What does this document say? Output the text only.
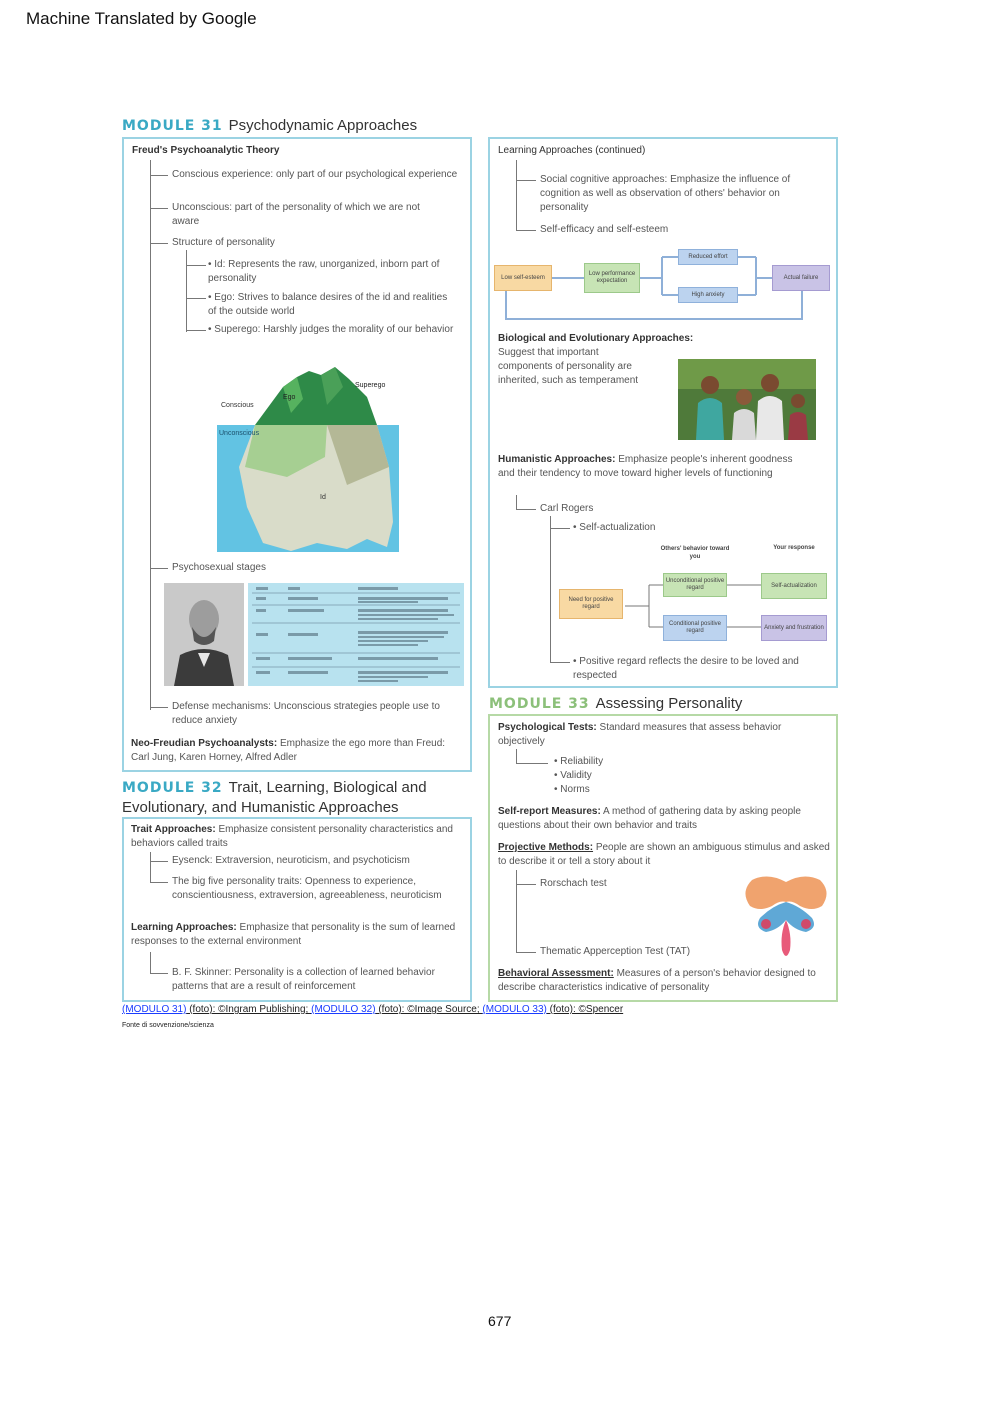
Machine Translated by Google
MODULE 31 Psychodynamic Approaches
Freud's Psychoanalytic Theory
Conscious experience: only part of our psychological experience
Unconscious: part of the personality of which we are not aware
Structure of personality
• Id: Represents the raw, unorganized, inborn part of personality
• Ego: Strives to balance desires of the id and realities of the outside world
• Superego: Harshly judges the morality of our behavior
Superego
Ego
Conscious
Unconscious
Id
Psychosexual stages
Defense mechanisms: Unconscious strategies people use to reduce anxiety
Neo-Freudian Psychoanalysts: Emphasize the ego more than Freud: Carl Jung, Karen Horney, Alfred Adler
MODULE 32 Trait, Learning, Biological and
Evolutionary, and Humanistic Approaches
Trait Approaches: Emphasize consistent personality characteristics and behaviors called traits
Eysenck: Extraversion, neuroticism, and psychoticism
The big five personality traits: Openness to experience, conscientiousness, extraversion, agreeableness, neuroticism
Learning Approaches: Emphasize that personality is the sum of learned responses to the external environment
B. F. Skinner: Personality is a collection of learned behavior patterns that are a result of reinforcement
Learning Approaches (continued)
Social cognitive approaches: Emphasize the influence of cognition as well as observation of others' behavior on personality
Self-efficacy and self-esteem
Low self-esteem
Low performance expectation
Reduced effort
High anxiety
Actual failure
Biological and Evolutionary Approaches:
Suggest that important components of personality are inherited, such as temperament
Humanistic Approaches: Emphasize people's inherent goodness and their tendency to move toward higher levels of functioning
Carl Rogers
• Self-actualization
Others' behavior toward you
Your response
Need for positive regard
Unconditional positive regard
Conditional positive regard
Self-actualization
Anxiety and frustration
• Positive regard reflects the desire to be loved and respected
MODULE 33 Assessing Personality
Psychological Tests: Standard measures that assess behavior objectively
• Reliability
• Validity
• Norms
Self-report Measures: A method of gathering data by asking people questions about their own behavior and traits
Projective Methods: People are shown an ambiguous stimulus and asked to describe it or tell a story about it
Rorschach test
Thematic Apperception Test (TAT)
Behavioral Assessment: Measures of a person's behavior designed to describe characteristics indicative of personality
(MODULO 31) (foto): ©Ingram Publishing; (MODULO 32) (foto): ©Image Source; (MODULO 33) (foto): ©Spencer
Fonte di sovvenzione/scienza
677
